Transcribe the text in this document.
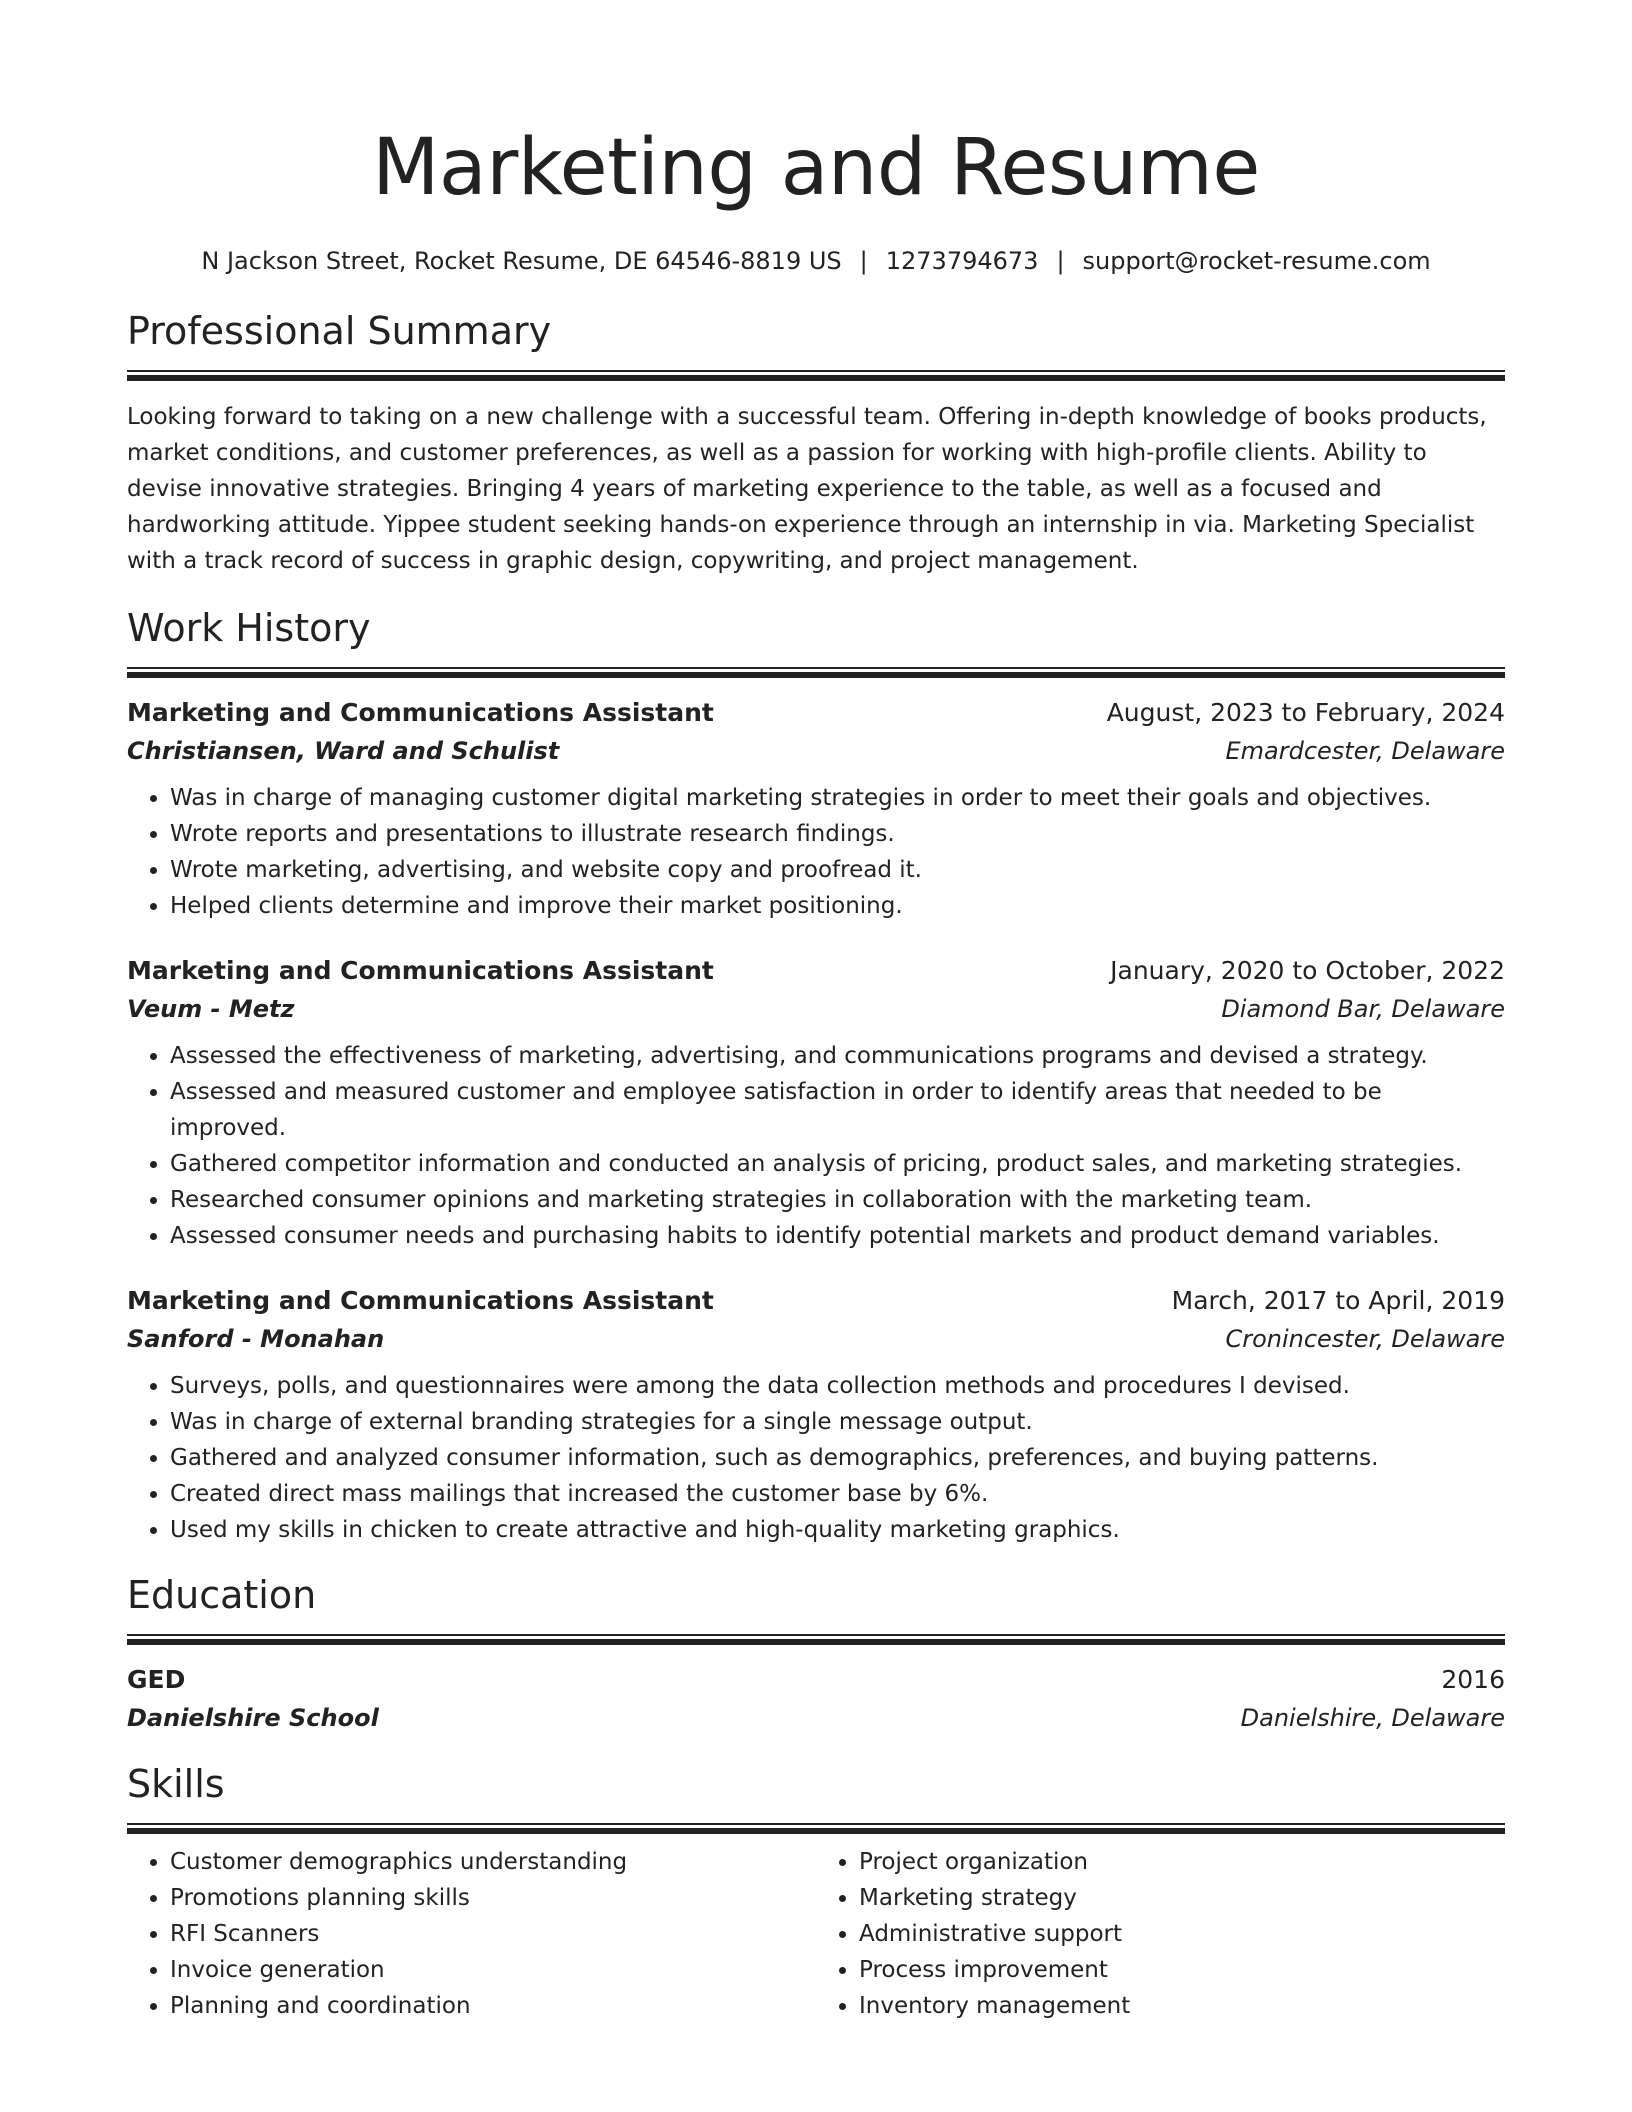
Marketing and Resume
N Jackson Street, Rocket Resume, DE 64546-8819 US | 1273794673 | support@rocket-resume.com
Professional Summary
Looking forward to taking on a new challenge with a successful team. Offering in-depth knowledge of books products, market conditions, and customer preferences, as well as a passion for working with high-profile clients. Ability to devise innovative strategies. Bringing 4 years of marketing experience to the table, as well as a focused and hardworking attitude. Yippee student seeking hands-on experience through an internship in via. Marketing Specialist with a track record of success in graphic design, copywriting, and project management.
Work History
Marketing and Communications Assistant	August, 2023 to February, 2024
Christiansen, Ward and Schulist	Emardcester, Delaware
• Was in charge of managing customer digital marketing strategies in order to meet their goals and objectives.
• Wrote reports and presentations to illustrate research findings.
• Wrote marketing, advertising, and website copy and proofread it.
• Helped clients determine and improve their market positioning.
Marketing and Communications Assistant	January, 2020 to October, 2022
Veum - Metz	Diamond Bar, Delaware
• Assessed the effectiveness of marketing, advertising, and communications programs and devised a strategy.
• Assessed and measured customer and employee satisfaction in order to identify areas that needed to be improved.
• Gathered competitor information and conducted an analysis of pricing, product sales, and marketing strategies.
• Researched consumer opinions and marketing strategies in collaboration with the marketing team.
• Assessed consumer needs and purchasing habits to identify potential markets and product demand variables.
Marketing and Communications Assistant	March, 2017 to April, 2019
Sanford - Monahan	Cronincester, Delaware
• Surveys, polls, and questionnaires were among the data collection methods and procedures I devised.
• Was in charge of external branding strategies for a single message output.
• Gathered and analyzed consumer information, such as demographics, preferences, and buying patterns.
• Created direct mass mailings that increased the customer base by 6%.
• Used my skills in chicken to create attractive and high-quality marketing graphics.
Education
GED	2016
Danielshire School	Danielshire, Delaware
Skills
• Customer demographics understanding
• Promotions planning skills
• RFI Scanners
• Invoice generation
• Planning and coordination
• Project organization
• Marketing strategy
• Administrative support
• Process improvement
• Inventory management
